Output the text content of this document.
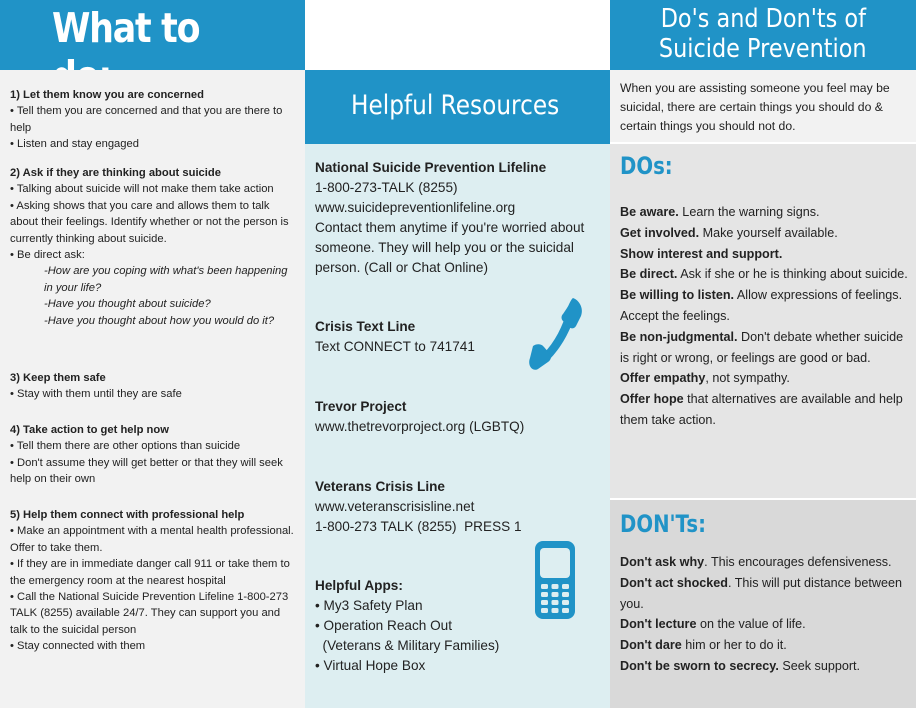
What to

1) Let them know you are concerned

• Tell them you are concerned and that you are there to help

• Listen and stay engaged

2) Ask if they are thinking about suicide

• Talking about suicide will not make them take action

• Asking shows that you care and allows them to talk about their feelings. Identify whether or not the person is currently thinking about suicide.

• Be direct ask:

-How are you coping with what's been happening in your life?

-Have you thought about suicide?

-Have you thought about how you would do it?

3) Keep them safe

• Stay with them until they are safe

4) Take action to get help now

• Tell them there are other options than suicide

• Don't assume they will get better or that they will seek help on their own

5) Help them connect with professional help

• Make an appointment with a mental health professional. Offer to take them.

• If they are in immediate danger call 911 or take them to the emergency room at the nearest hospital

• Call the National Suicide Prevention Lifeline 1-800-273 TALK (8255) available 24/7. They can support you and talk to the suicidal person

• Stay connected with them

Helpful Resources

National Suicide Prevention Lifeline

1-800-273-TALK (8255)

www.suicidepreventionlifeline.org

Contact them anytime if you're worried about someone. They will help you or the suicidal person. (Call or Chat Online)

Crisis Text Line

Text CONNECT to 741741

Trevor Project

www.thetrevorproject.org (LGBTQ)

Veterans Crisis Line

www.veteranscrisisline.net

1-800-273 TALK (8255)  PRESS 1

Helpful Apps:

• My3 Safety Plan

• Operation Reach Out

(Veterans & Military Families)

• Virtual Hope Box

Do's and Don'ts of
Suicide Prevention

When you are assisting someone you feel may be suicidal, there are certain things you should do & certain things you should not do.

DOs:

Be aware. Learn the warning signs.

Get involved. Make yourself available.

Show interest and support.

Be direct. Ask if she or he is thinking about suicide.

Be willing to listen. Allow expressions of feelings. Accept the feelings.

Be non-judgmental. Don't debate whether suicide is right or wrong, or feelings are good or bad.

Offer empathy, not sympathy.

Offer hope that alternatives are available and help them take action.

DON'Ts:

Don't ask why. This encourages defensiveness.

Don't act shocked. This will put distance between you.

Don't lecture on the value of life.

Don't dare him or her to do it.

Don't be sworn to secrecy. Seek support.
